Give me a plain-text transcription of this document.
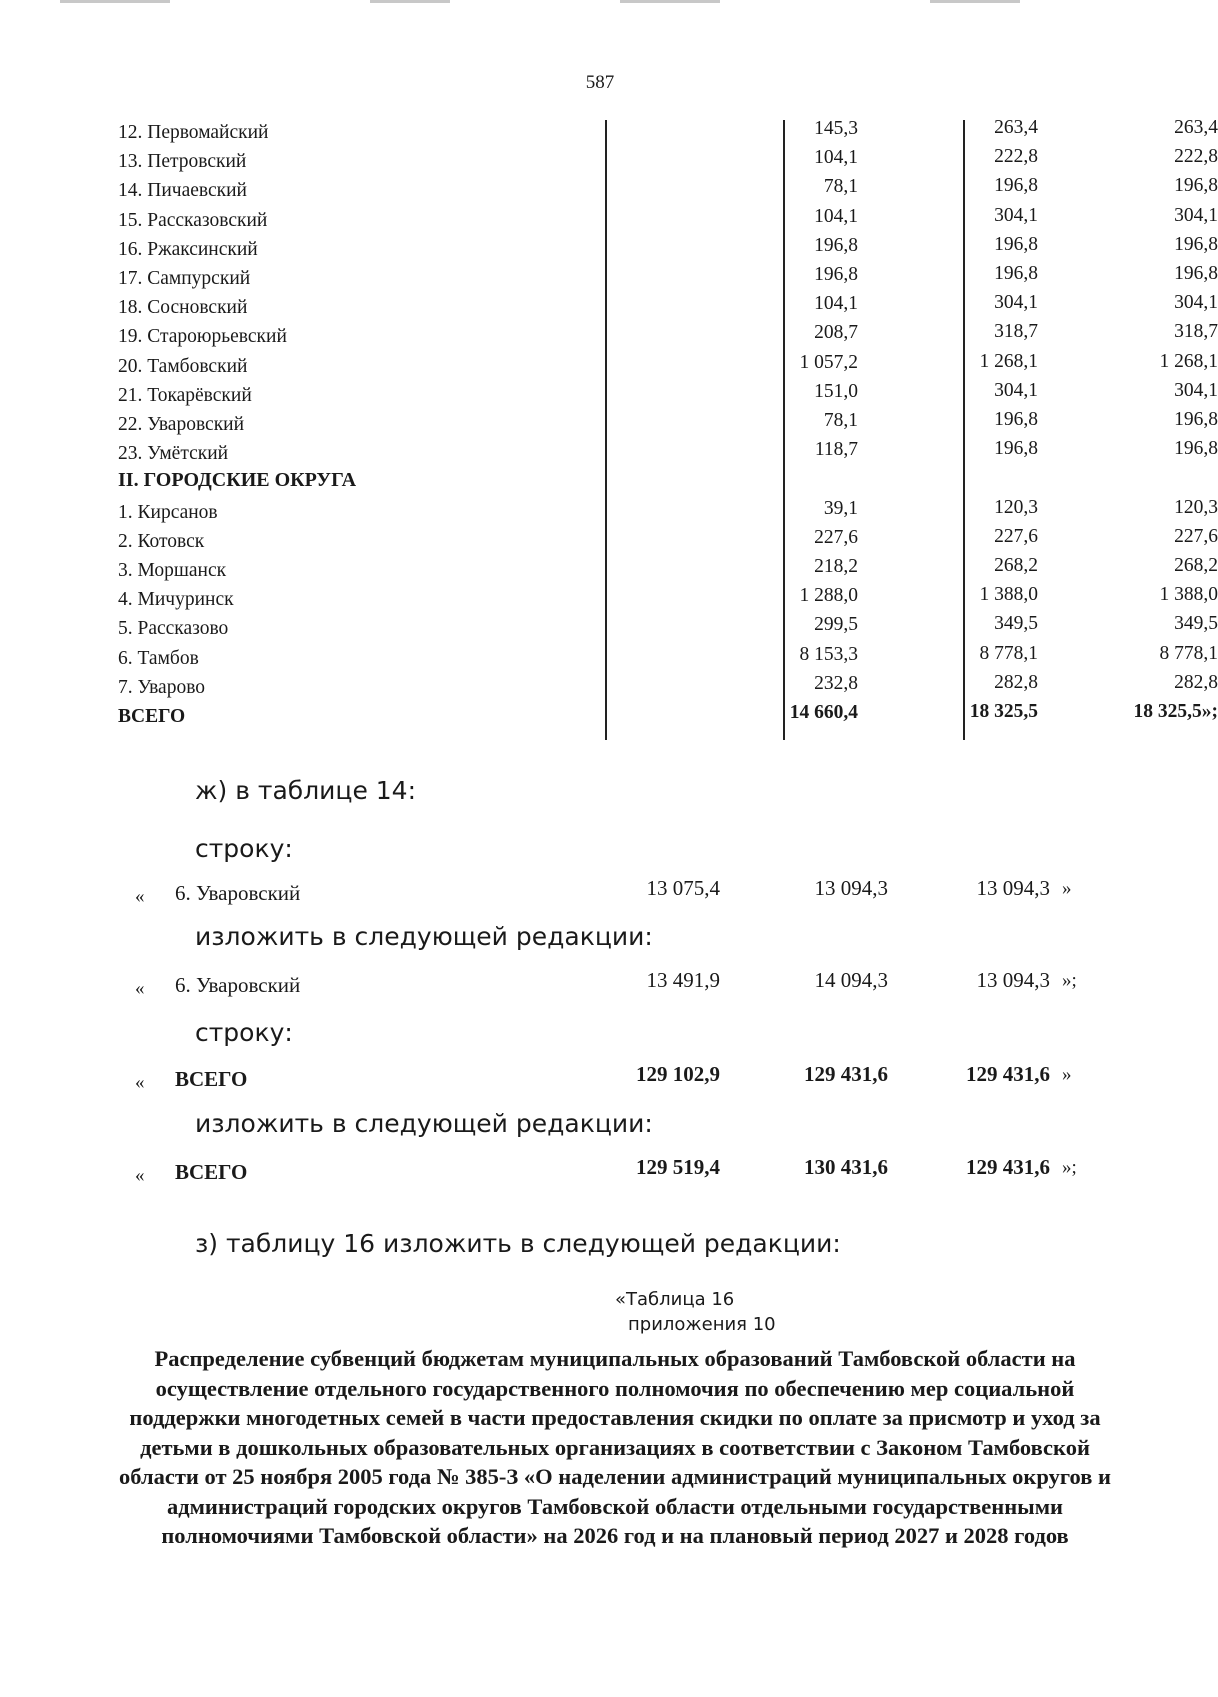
587
12. Первомайский	145,3	263,4	263,4
13. Петровский	104,1	222,8	222,8
14. Пичаевский	78,1	196,8	196,8
15. Рассказовский	104,1	304,1	304,1
16. Ржаксинский	196,8	196,8	196,8
17. Сампурский	196,8	196,8	196,8
18. Сосновский	104,1	304,1	304,1
19. Староюрьевский	208,7	318,7	318,7
20. Тамбовский	1 057,2	1 268,1	1 268,1
21. Токарёвский	151,0	304,1	304,1
22. Уваровский	78,1	196,8	196,8
23. Умётский	118,7	196,8	196,8
II. ГОРОДСКИЕ ОКРУГА
1. Кирсанов	39,1	120,3	120,3
2. Котовск	227,6	227,6	227,6
3. Моршанск	218,2	268,2	268,2
4. Мичуринск	1 288,0	1 388,0	1 388,0
5. Рассказово	299,5	349,5	349,5
6. Тамбов	8 153,3	8 778,1	8 778,1
7. Уварово	232,8	282,8	282,8
ВСЕГО	14 660,4	18 325,5	18 325,5»;
ж) в таблице 14:
строку:
« 6. Уваровский	13 075,4	13 094,3	13 094,3 »
изложить в следующей редакции:
« 6. Уваровский	13 491,9	14 094,3	13 094,3 »;
строку:
« ВСЕГО	129 102,9	129 431,6	129 431,6 »
изложить в следующей редакции:
« ВСЕГО	129 519,4	130 431,6	129 431,6 »;
з) таблицу 16 изложить в следующей редакции:
«Таблица 16
приложения 10
Распределение субвенций бюджетам муниципальных образований Тамбовской области на осуществление отдельного государственного полномочия по обеспечению мер социальной поддержки многодетных семей в части предоставления скидки по оплате за присмотр и уход за детьми в дошкольных образовательных организациях в соответствии с Законом Тамбовской области от 25 ноября 2005 года № 385-З «О наделении администраций муниципальных округов и администраций городских округов Тамбовской области отдельными государственными полномочиями Тамбовской области» на 2026 год и на плановый период 2027 и 2028 годов
